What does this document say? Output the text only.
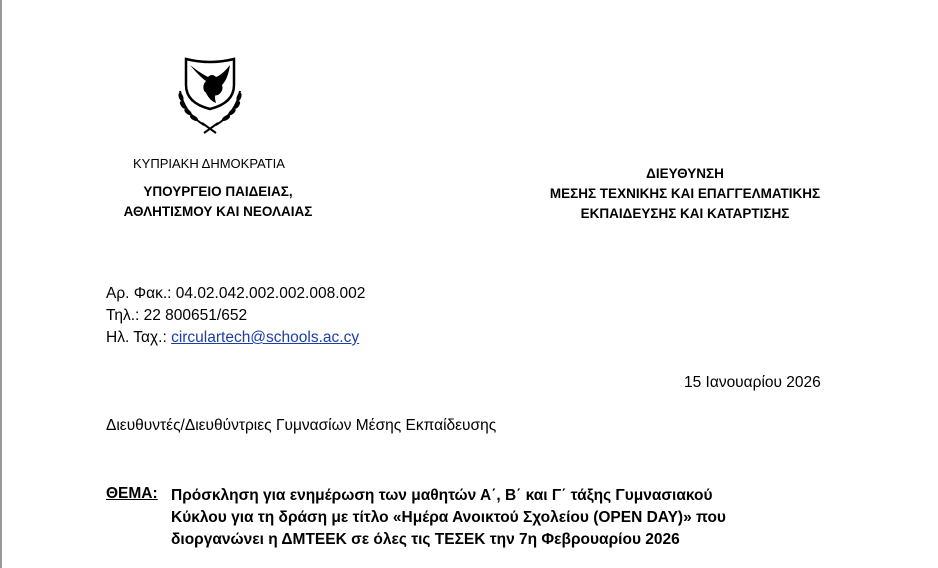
ΚΥΠΡΙΑΚΗ ΔΗΜΟΚΡΑΤΙΑ
ΥΠΟΥΡΓΕΙΟ ΠΑΙΔΕΙΑΣ,
ΑΘΛΗΤΙΣΜΟΥ ΚΑΙ ΝΕΟΛΑΙΑΣ
ΔΙΕΥΘΥΝΣΗ
ΜΕΣΗΣ ΤΕΧΝΙΚΗΣ ΚΑΙ ΕΠΑΓΓΕΛΜΑΤΙΚΗΣ
ΕΚΠΑΙΔΕΥΣΗΣ ΚΑΙ ΚΑΤΑΡΤΙΣΗΣ
Αρ. Φακ.: 04.02.042.002.002.008.002
Τηλ.: 22 800651/652
Ηλ. Ταχ.: circulartech@schools.ac.cy
15 Ιανουαρίου 2026
Διευθυντές/Διευθύντριες Γυμνασίων Μέσης Εκπαίδευσης
ΘΕΜΑ: Πρόσκληση για ενημέρωση των μαθητών Α΄, Β΄ και Γ΄ τάξης Γυμνασιακού
Κύκλου για τη δράση με τίτλο «Ημέρα Ανοικτού Σχολείου (OPEN DAY)» που
διοργανώνει η ΔΜΤΕΕΚ σε όλες τις ΤΕΣΕΚ την 7η Φεβρουαρίου 2026
